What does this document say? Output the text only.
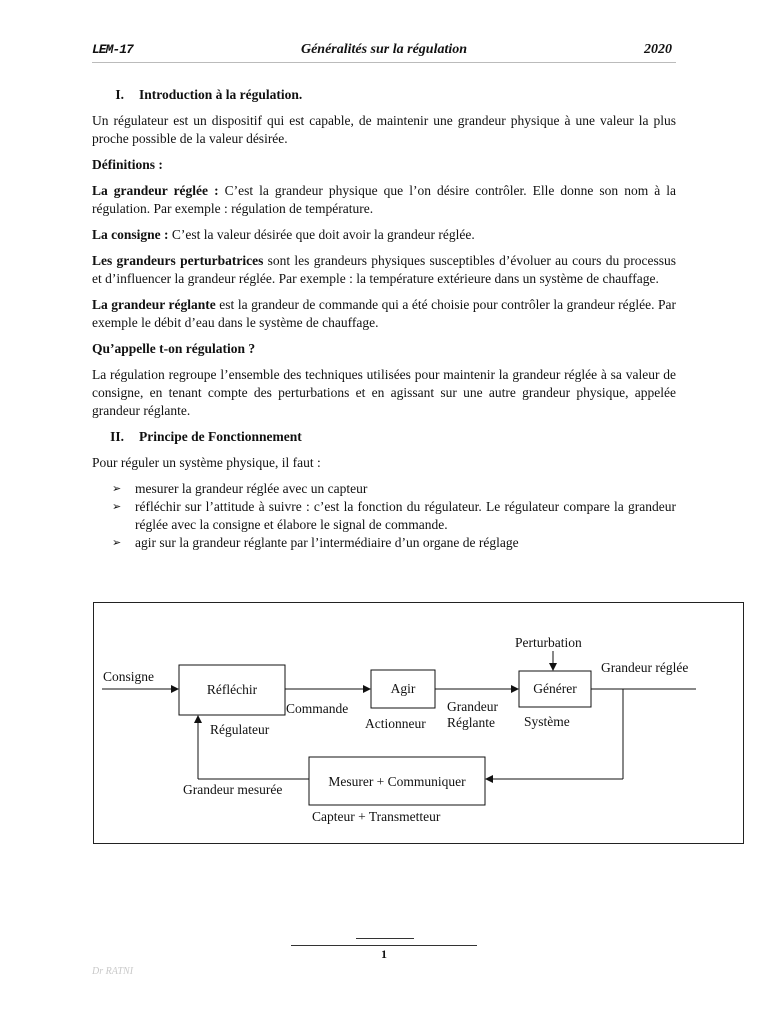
LEM-17	Généralités sur la régulation	2020
I.	Introduction à la régulation.

Un régulateur est un dispositif qui est capable, de maintenir une grandeur physique à une valeur la plus proche possible de la valeur désirée.

Définitions :

La grandeur réglée : C’est la grandeur physique que l’on désire contrôler. Elle donne son nom à la régulation. Par exemple : régulation de température.

La consigne : C’est la valeur désirée que doit avoir la grandeur réglée.

Les grandeurs perturbatrices sont les grandeurs physiques susceptibles d’évoluer au cours du processus et d’influencer la grandeur réglée. Par exemple : la température extérieure dans un système de chauffage.

La grandeur réglante est la grandeur de commande qui a été choisie pour contrôler la grandeur réglée. Par exemple le débit d’eau dans le système de chauffage.

Qu’appelle t-on régulation ?

La régulation regroupe l’ensemble des techniques utilisées pour maintenir la grandeur réglée à sa valeur de consigne, en tenant compte des perturbations et en agissant sur une autre grandeur physique, appelée grandeur réglante.

II.	Principe de Fonctionnement

Pour réguler un système physique, il faut :

➢	mesurer la grandeur réglée avec un capteur
➢	réfléchir sur l’attitude à suivre : c’est la fonction du régulateur. Le régulateur compare la grandeur réglée avec la consigne et élabore le signal de commande.
➢	agir sur la grandeur réglante par l’intermédiaire d’un organe de réglage
Consigne
Réfléchir
Régulateur
Commande
Agir
Actionneur
Grandeur
Réglante
Perturbation
Générer
Système
Grandeur réglée
Mesurer + Communiquer
Grandeur mesurée
Capteur + Transmetteur
1
Dr RATNI
